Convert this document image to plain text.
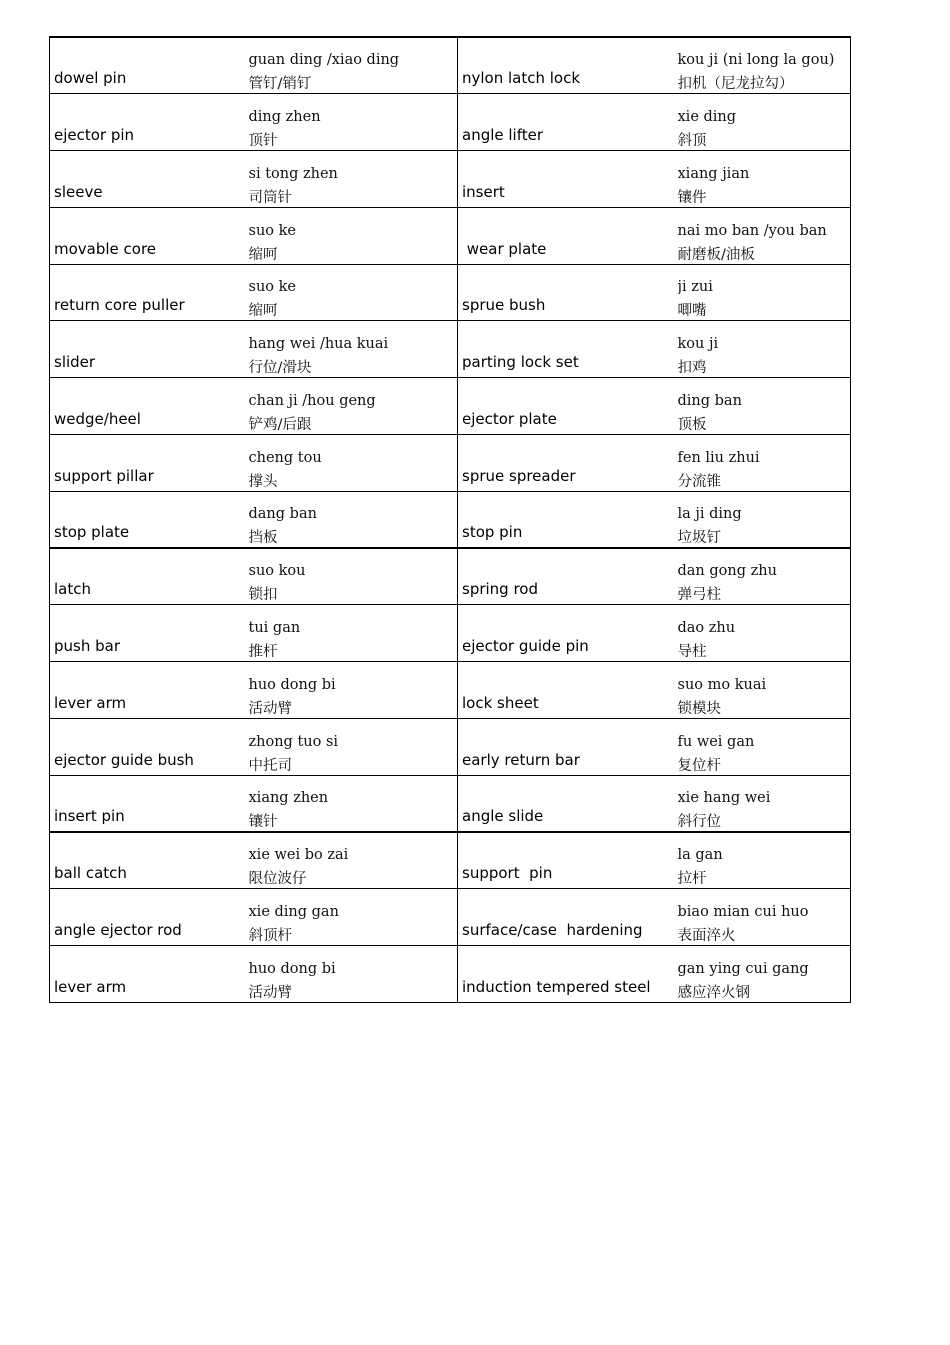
dowel pin	guan ding /xiao ding
管钉/销钉	nylon latch lock	kou ji (ni long la gou)
扣机（尼龙拉勾）

ejector pin	ding zhen
顶针	angle lifter	xie ding
斜顶

sleeve	si tong zhen
司筒针	insert	xiang jian
镶件

movable core	suo ke
缩呵	wear plate	nai mo ban /you ban
耐磨板/油板

return core puller	suo ke
缩呵	sprue bush	ji zui
唧嘴

slider	hang wei /hua kuai
行位/滑块	parting lock set	kou ji
扣鸡

wedge/heel	chan ji /hou geng
铲鸡/后跟	ejector plate	ding ban
顶板

support pillar	cheng tou
撑头	sprue spreader	fen liu zhui
分流锥

stop plate	dang ban
挡板	stop pin	la ji ding
垃圾钉

latch	suo kou
锁扣	spring rod	dan gong zhu
弹弓柱

push bar	tui gan
推杆	ejector guide pin	dao zhu
导柱

lever arm	huo dong bi
活动臂	lock sheet	suo mo kuai
锁模块

ejector guide bush	zhong tuo si
中托司	early return bar	fu wei gan
复位杆

insert pin	xiang zhen
镶针	angle slide	xie hang wei
斜行位

ball catch	xie wei bo zai
限位波仔	support  pin	la gan
拉杆

angle ejector rod	xie ding gan
斜顶杆	surface/case  hardening	biao mian cui huo
表面淬火

lever arm	huo dong bi
活动臂	induction tempered steel	gan ying cui gang
感应淬火钢
